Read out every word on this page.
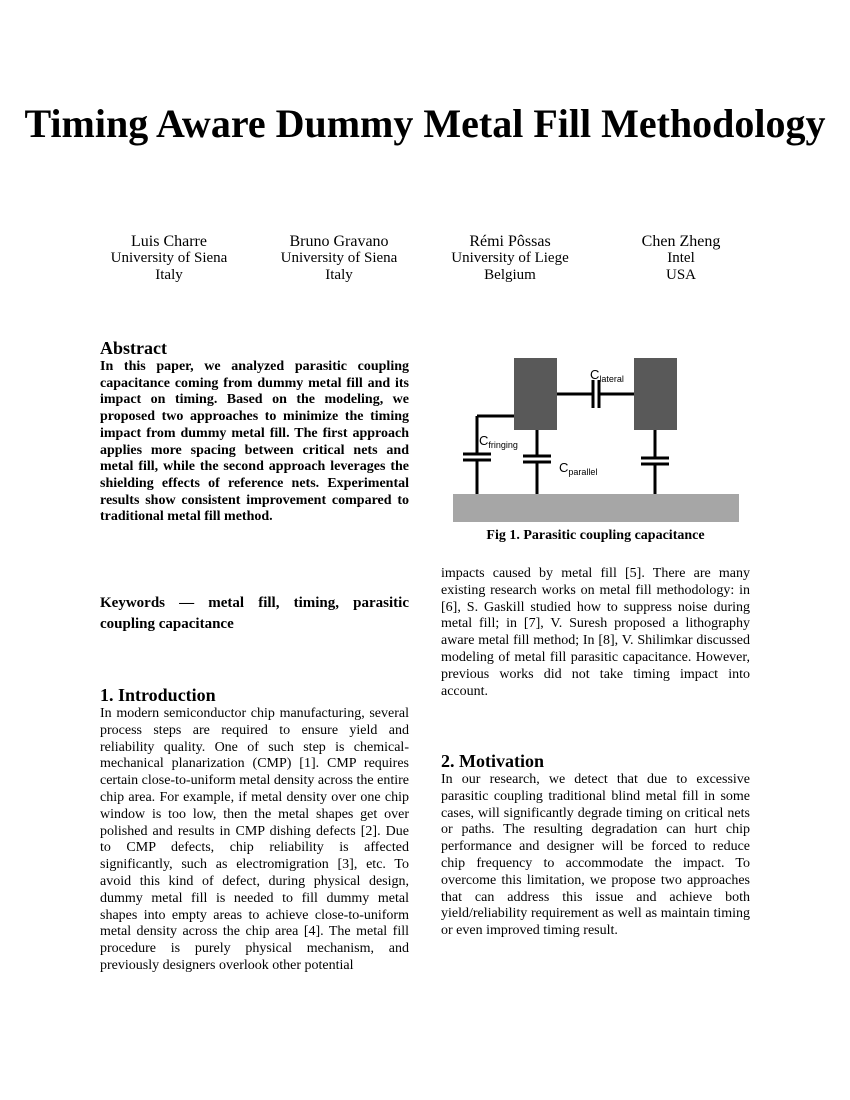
Timing Aware Dummy Metal Fill Methodology
Luis Charre
University of Siena
Italy
Bruno Gravano
University of Siena
Italy
Rémi Pôssas
University of Liege
Belgium
Chen Zheng
Intel
USA
Abstract

In this paper, we analyzed parasitic coupling capacitance coming from dummy metal fill and its impact on timing. Based on the modeling, we proposed two approaches to minimize the timing impact from dummy metal fill. The first approach applies more spacing between critical nets and metal fill, while the second approach leverages the shielding effects of reference nets. Experimental results show consistent improvement compared to traditional metal fill method.

Keywords — metal fill, timing, parasitic coupling capacitance

1. Introduction

In modern semiconductor chip manufacturing, several process steps are required to ensure yield and reliability quality. One of such step is chemical-mechanical planarization (CMP) [1]. CMP requires certain close-to-uniform metal density across the entire chip area. For example, if metal density over one chip window is too low, then the metal shapes get over polished and results in CMP dishing defects [2]. Due to CMP defects, chip reliability is affected significantly, such as electromigration [3], etc. To avoid this kind of defect, during physical design, dummy metal fill is needed to fill dummy metal shapes into empty areas to achieve close-to-uniform metal density across the chip area [4]. The metal fill procedure is purely physical mechanism, and previously designers overlook other potential

$C_{lateral}$
$C_{fringing}$
$C_{parallel}$
Fig 1. Parasitic coupling capacitance

impacts caused by metal fill [5]. There are many existing research works on metal fill methodology: in [6], S. Gaskill studied how to suppress noise during metal fill; in [7], V. Suresh proposed a lithography aware metal fill method; In [8], V. Shilimkar discussed modeling of metal fill parasitic capacitance. However, previous works did not take timing impact into account.

2. Motivation

In our research, we detect that due to excessive parasitic coupling traditional blind metal fill in some cases, will significantly degrade timing on critical nets or paths. The resulting degradation can hurt chip performance and designer will be forced to reduce chip frequency to accommodate the impact. To overcome this limitation, we propose two approaches that can address this issue and achieve both yield/reliability requirement as well as maintain timing or even improved timing result.
